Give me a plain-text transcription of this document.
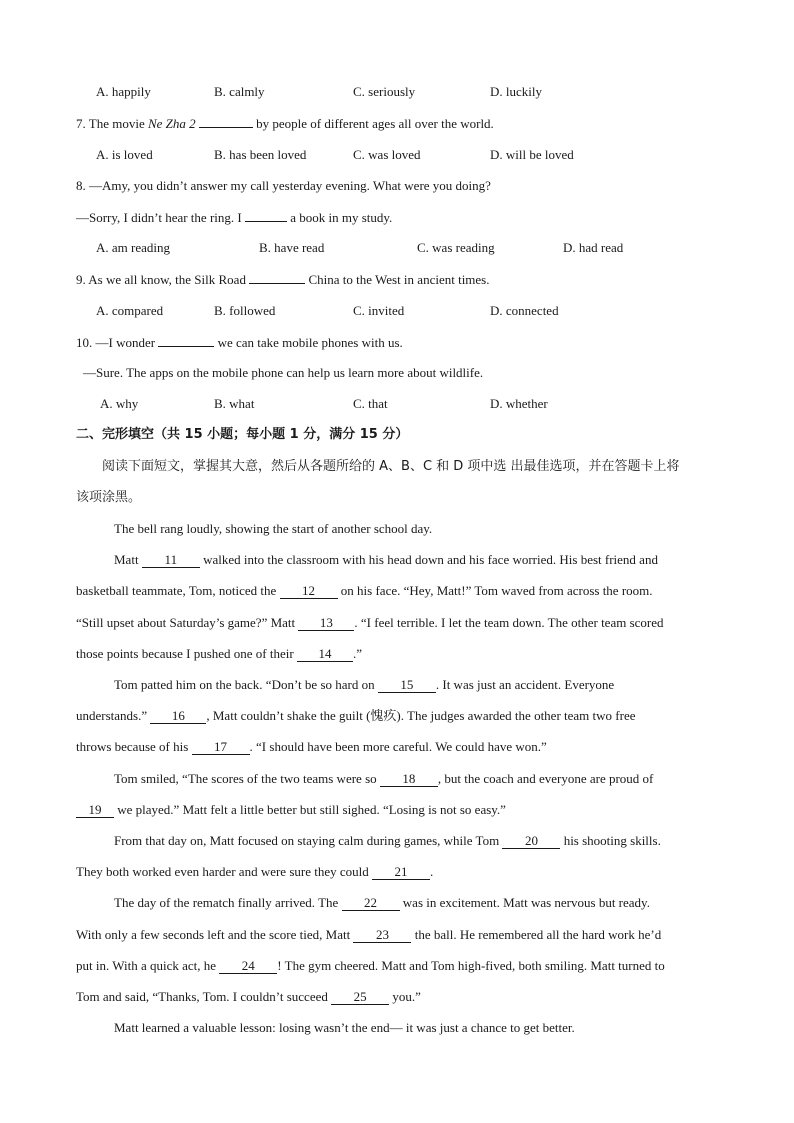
A. happily	B. calmly	C. seriously	D. luckily
7. The movie Ne Zha 2	by people of different ages all over the world.
A. is loved	B. has been loved	C. was loved	D. will be loved
8. —Amy, you didn’t answer my call yesterday evening. What were you doing?
—Sorry, I didn’t hear the ring. I	a book in my study.
A. am reading	B. have read	C. was reading	D. had read
9. As we all know, the Silk Road	China to the West in ancient times.
A. compared	B. followed	C. invited	D. connected
10. —I wonder	we can take mobile phones with us.
—Sure. The apps on the mobile phone can help us learn more about wildlife.
A. why	B. what	C. that	D. whether
二、完形填空（共 15 小题；每小题 1 分，满分 15 分）
阅读下面短文，掌握其大意，然后从各题所给的 A、B、C 和 D 项中选 出最佳选项，并在答题卡上将
该项涂黑。
The bell rang loudly, showing the start of another school day.
Matt 11 walked into the classroom with his head down and his face worried. His best friend and
basketball teammate, Tom, noticed the 12 on his face. “Hey, Matt!” Tom waved from across the room.
“Still upset about Saturday’s game?” Matt 13 . “I feel terrible. I let the team down. The other team scored
those points because I pushed one of their 14 .”
Tom patted him on the back. “Don’t be so hard on 15 . It was just an accident. Everyone
understands.” 16 , Matt couldn’t shake the guilt (愧疚). The judges awarded the other team two free
throws because of his 17 . “I should have been more careful. We could have won.”
Tom smiled, “The scores of the two teams were so 18 , but the coach and everyone are proud of
19 we played.” Matt felt a little better but still sighed. “Losing is not so easy.”
From that day on, Matt focused on staying calm during games, while Tom 20 his shooting skills.
They both worked even harder and were sure they could 21 .
The day of the rematch finally arrived. The 22 was in excitement. Matt was nervous but ready.
With only a few seconds left and the score tied, Matt 23 the ball. He remembered all the hard work he’d
put in. With a quick act, he 24 ! The gym cheered. Matt and Tom high-fived, both smiling. Matt turned to
Tom and said, “Thanks, Tom. I couldn’t succeed 25 you.”
Matt learned a valuable lesson: losing wasn’t the end— it was just a chance to get better.
